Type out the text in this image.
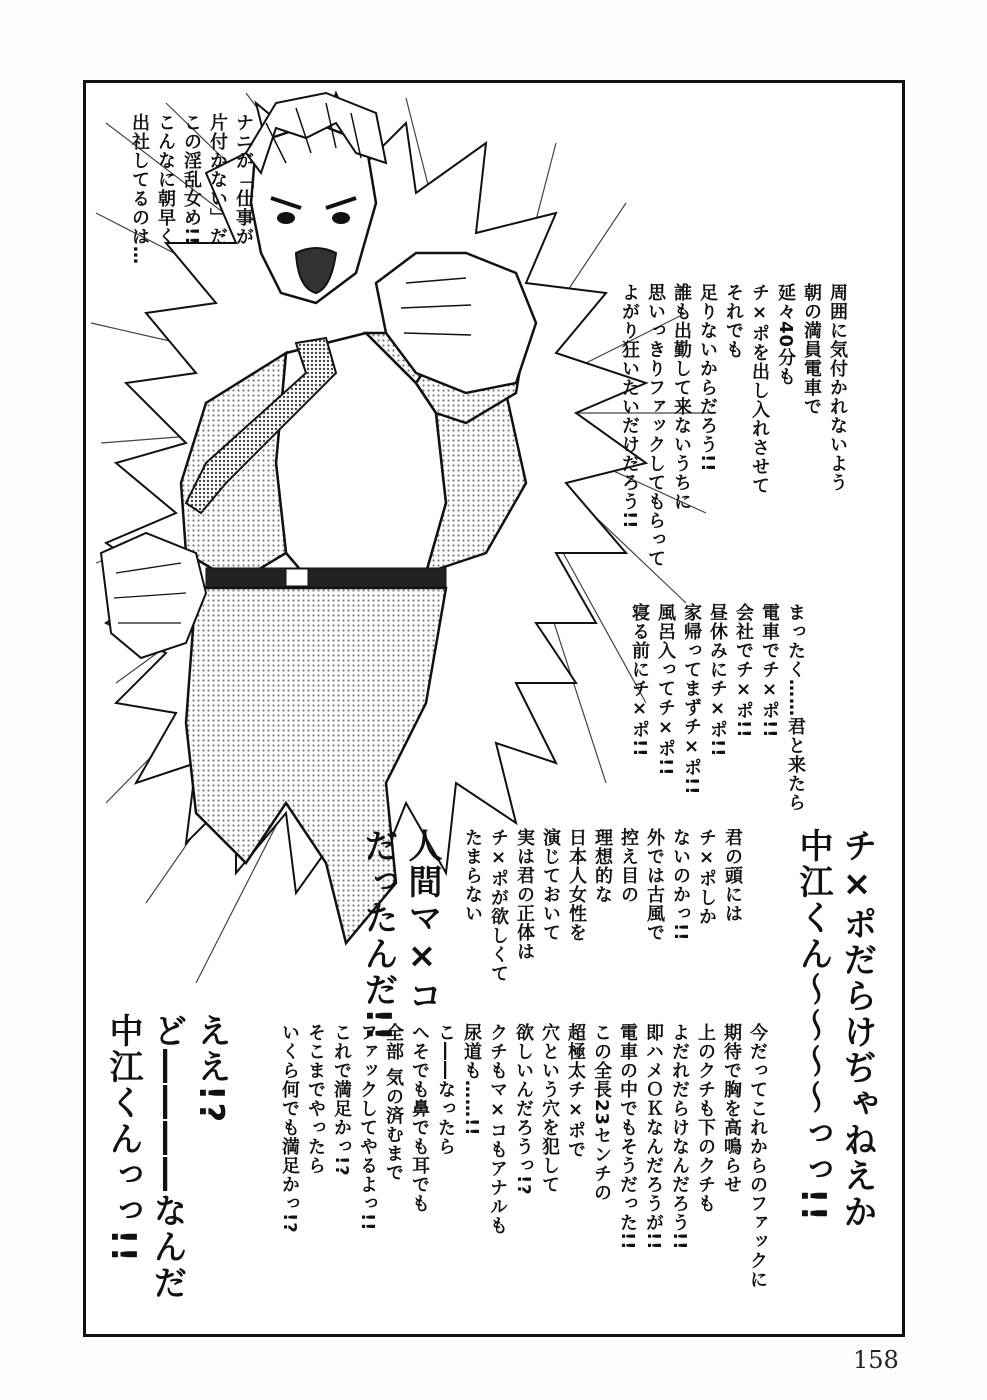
ナニが「仕事が
片付かない」だ
この淫乱女め!!
こんなに朝早く
出社してるのは…
周囲に気付かれないよう
朝の満員電車で
延々40分も
チ×ポを出し入れさせて
それでも
足りないからだろう!!
誰も出勤して来ないうちに
思いっきりファックしてもらって
よがり狂いたいだけだろう!!
まったく……君と来たら
電車でチ×ポ!!
会社でチ×ポ!!
昼休みにチ×ポ!!
家帰ってまずチ×ポ!!
風呂入ってチ×ポ!!
寝る前にチ×ポ!!
チ×ポだらけぢゃねえか
中江くん〜〜〜〜っっ!!
君の頭には
チ×ポしか
ないのかっ!!
外では古風で
控え目の
理想的な
日本人女性を
演じておいて
実は君の正体は
チ×ポが欲しくて
たまらない
人間マ×コ
だったんだ!!
今だってこれからのファックに
期待で胸を高鳴らせ
上のクチも下のクチも
よだれだらけなんだろう!!
即ハメＯＫなんだろうが!!
電車の中でもそうだった!!
この全長23センチの
超極太チ×ポで
穴という穴を犯して
欲しいんだろうっ!?
クチもマ×コもアナルも
尿道も……!!
こ――なったら
へそでも鼻でも耳でも
全部 気の済むまで
ファックしてやるよっ!!
これで満足かっ!?
そこまでやったら
いくら何でも満足かっ!?
ええ!?
ど――――なんだ
中江くんっっ!!
158
